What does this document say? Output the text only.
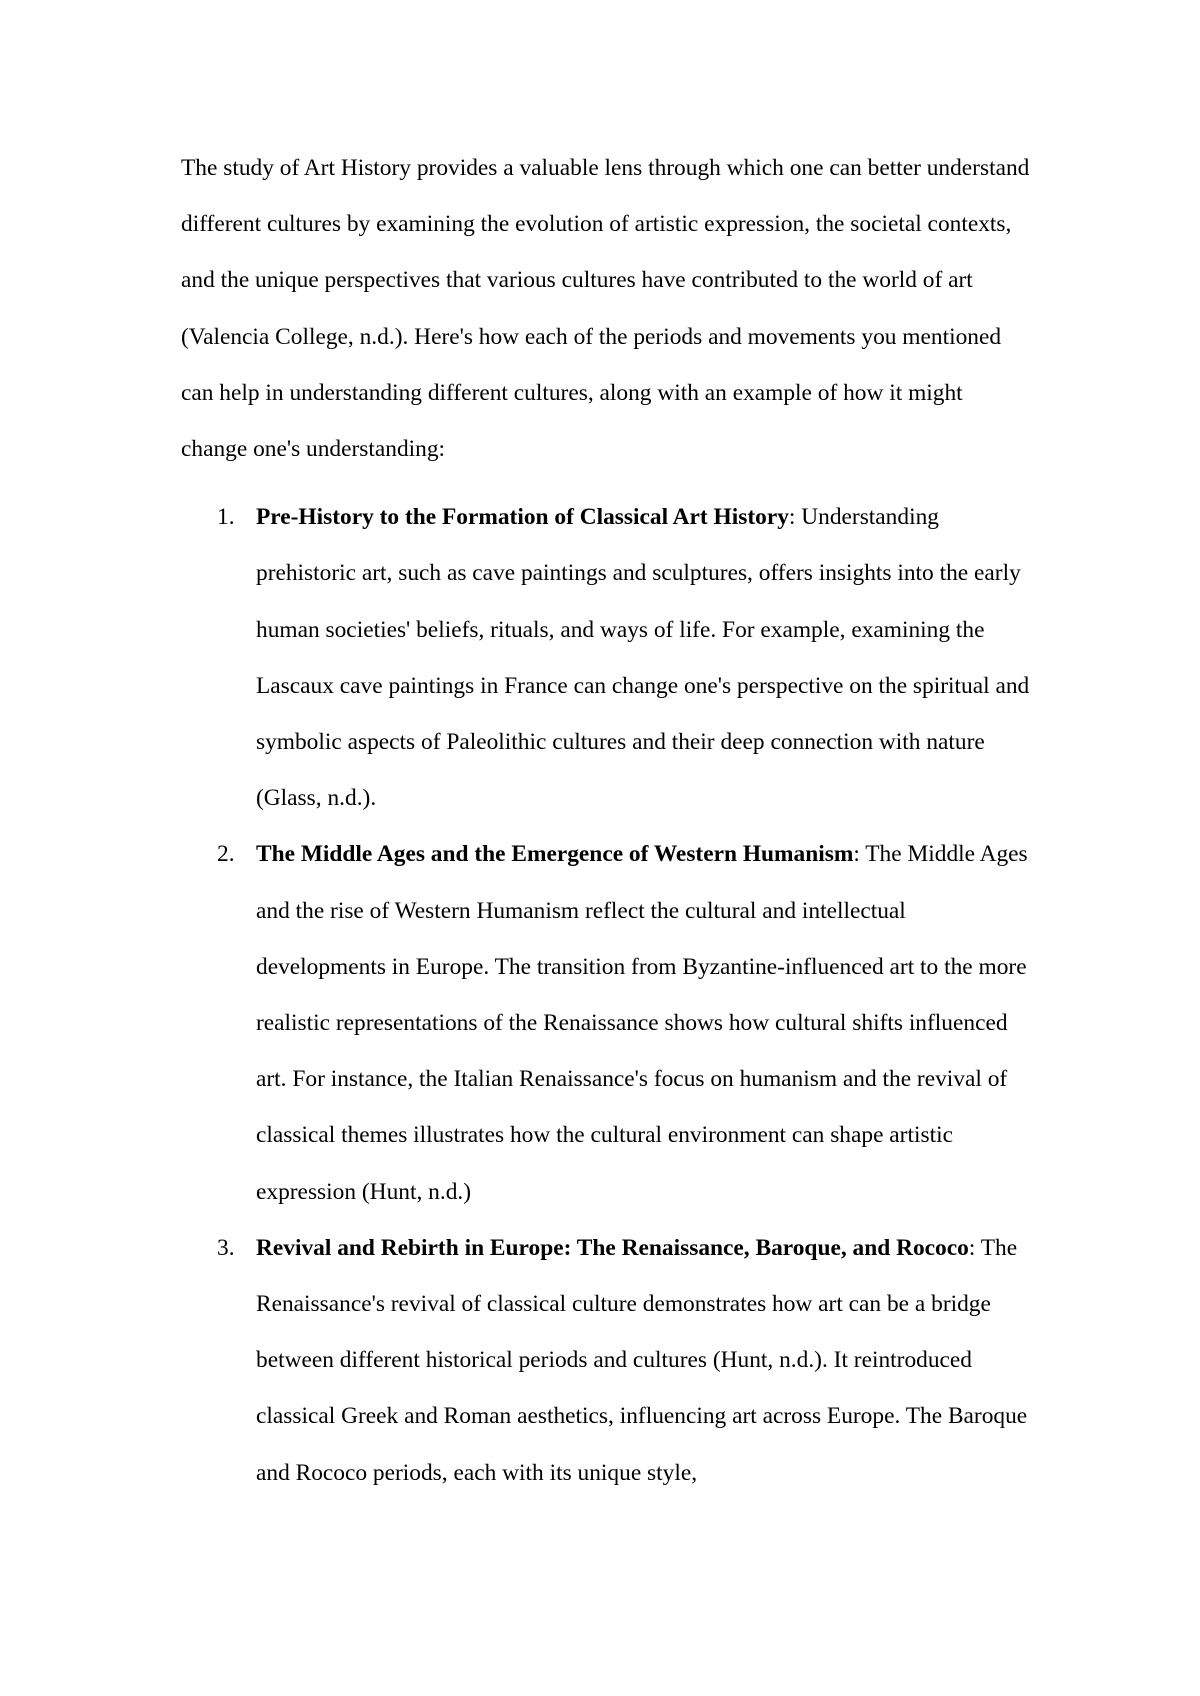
The study of Art History provides a valuable lens through which one can better understand different cultures by examining the evolution of artistic expression, the societal contexts, and the unique perspectives that various cultures have contributed to the world of art (Valencia College, n.d.). Here's how each of the periods and movements you mentioned can help in understanding different cultures, along with an example of how it might change one's understanding:

1. Pre-History to the Formation of Classical Art History: Understanding prehistoric art, such as cave paintings and sculptures, offers insights into the early human societies' beliefs, rituals, and ways of life. For example, examining the Lascaux cave paintings in France can change one's perspective on the spiritual and symbolic aspects of Paleolithic cultures and their deep connection with nature (Glass, n.d.).
2. The Middle Ages and the Emergence of Western Humanism: The Middle Ages and the rise of Western Humanism reflect the cultural and intellectual developments in Europe. The transition from Byzantine-influenced art to the more realistic representations of the Renaissance shows how cultural shifts influenced art. For instance, the Italian Renaissance's focus on humanism and the revival of classical themes illustrates how the cultural environment can shape artistic expression (Hunt, n.d.)
3. Revival and Rebirth in Europe: The Renaissance, Baroque, and Rococo: The Renaissance's revival of classical culture demonstrates how art can be a bridge between different historical periods and cultures (Hunt, n.d.). It reintroduced classical Greek and Roman aesthetics, influencing art across Europe. The Baroque and Rococo periods, each with its unique style,
